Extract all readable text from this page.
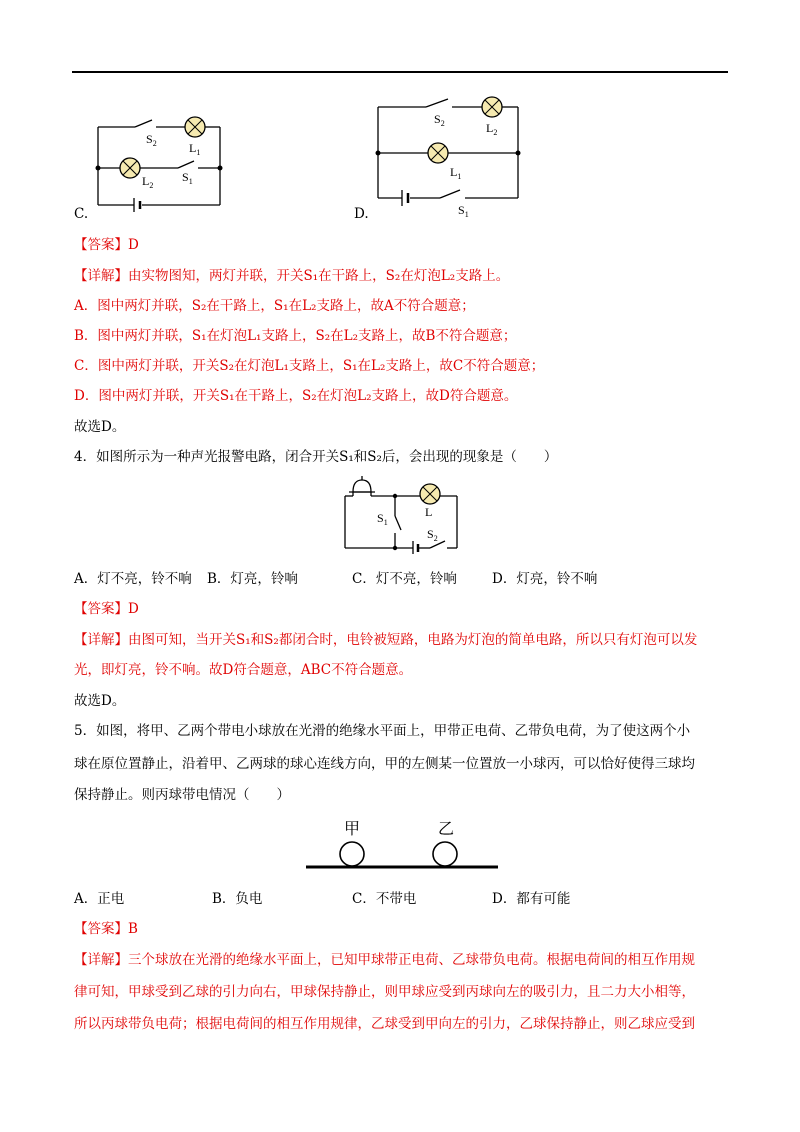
$S_2$	$L_1$
$L_2$
$S_1$
C.
$S_2$	$L_2$
$L_1$
$S_1$
D.
【答案】D
【详解】由实物图知，两灯并联，开关S₁在干路上，S₂在灯泡L₂支路上。
A．图中两灯并联，S₂在干路上，S₁在L₂支路上，故A不符合题意；
B．图中两灯并联，S₁在灯泡L₁支路上，S₂在L₂支路上，故B不符合题意；
C．图中两灯并联，开关S₂在灯泡L₁支路上，S₁在L₂支路上，故C不符合题意；
D．图中两灯并联，开关S₁在干路上，S₂在灯泡L₂支路上，故D符合题意。
故选D。
4．如图所示为一种声光报警电路，闭合开关S₁和S₂后，会出现的现象是（　　）
$S_1$
L
$S_2$
A．灯不亮，铃不响 B．灯亮，铃响	C．灯不亮，铃响	D．灯亮，铃不响
【答案】D
【详解】由图可知，当开关S₁和S₂都闭合时，电铃被短路，电路为灯泡的简单电路，所以只有灯泡可以发
光，即灯亮，铃不响。故D符合题意，ABC不符合题意。
故选D。
5．如图，将甲、乙两个带电小球放在光滑的绝缘水平面上，甲带正电荷、乙带负电荷，为了使这两个小
球在原位置静止，沿着甲、乙两球的球心连线方向，甲的左侧某一位置放一小球丙，可以恰好使得三球均
保持静止。则丙球带电情况（　　）
甲	乙
A．正电	B．负电	C．不带电	D．都有可能
【答案】B
【详解】三个球放在光滑的绝缘水平面上，已知甲球带正电荷、乙球带负电荷。根据电荷间的相互作用规
律可知，甲球受到乙球的引力向右，甲球保持静止，则甲球应受到丙球向左的吸引力，且二力大小相等，
所以丙球带负电荷；根据电荷间的相互作用规律，乙球受到甲向左的引力，乙球保持静止，则乙球应受到
